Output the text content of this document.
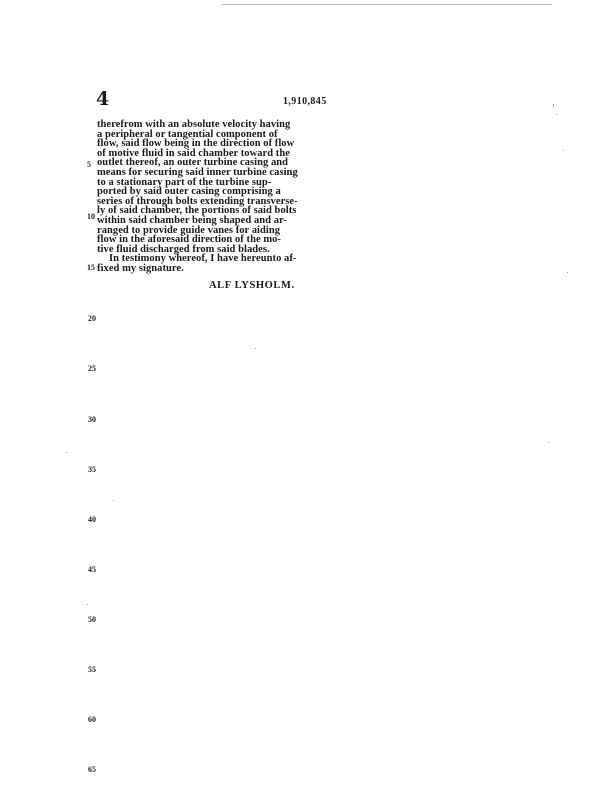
4	1,910,845
therefrom with an absolute velocity having
a peripheral or tangential component of
flow, said flow being in the direction of flow
of motive fluid in said chamber toward the
outlet thereof, an outer turbine casing and
means for securing said inner turbine casing
to a stationary part of the turbine sup-
ported by said outer casing comprising a
series of through bolts extending transverse-
ly of said chamber, the portions of said bolts
within said chamber being shaped and ar-
ranged to provide guide vanes for aiding
flow in the aforesaid direction of the mo-
tive fluid discharged from said blades.
In testimony whereof, I have hereunto af-
fixed my signature.
5
10
15
ALF LYSHOLM.
20
25
30
35
40
45
50
55
60
65
